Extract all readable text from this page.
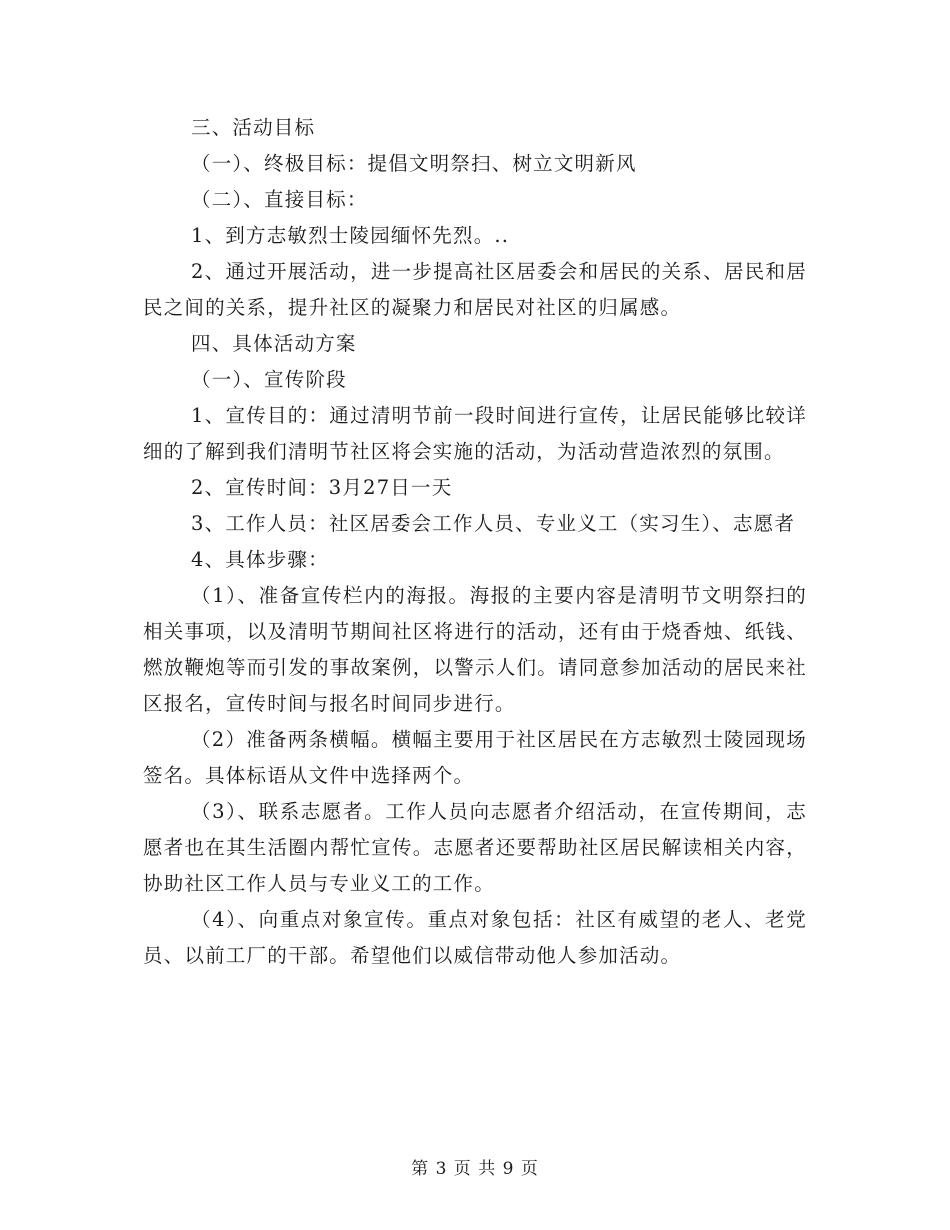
三、活动目标

（一）、终极目标：提倡文明祭扫、树立文明新风

（二）、直接目标：

1、到方志敏烈士陵园缅怀先烈。..

2、通过开展活动，进一步提高社区居委会和居民的关系、居民和居民之间的关系，提升社区的凝聚力和居民对社区的归属感。

四、具体活动方案

（一）、宣传阶段

1、宣传目的：通过清明节前一段时间进行宣传，让居民能够比较详细的了解到我们清明节社区将会实施的活动，为活动营造浓烈的氛围。

2、宣传时间：3月27日一天

3、工作人员：社区居委会工作人员、专业义工（实习生）、志愿者

4、具体步骤：

（1）、准备宣传栏内的海报。海报的主要内容是清明节文明祭扫的相关事项，以及清明节期间社区将进行的活动，还有由于烧香烛、纸钱、燃放鞭炮等而引发的事故案例，以警示人们。请同意参加活动的居民来社区报名，宣传时间与报名时间同步进行。

（2）准备两条横幅。横幅主要用于社区居民在方志敏烈士陵园现场签名。具体标语从文件中选择两个。

（3）、联系志愿者。工作人员向志愿者介绍活动，在宣传期间，志愿者也在其生活圈内帮忙宣传。志愿者还要帮助社区居民解读相关内容，协助社区工作人员与专业义工的工作。

（4）、向重点对象宣传。重点对象包括：社区有威望的老人、老党员、以前工厂的干部。希望他们以威信带动他人参加活动。

第 3 页 共 9 页
